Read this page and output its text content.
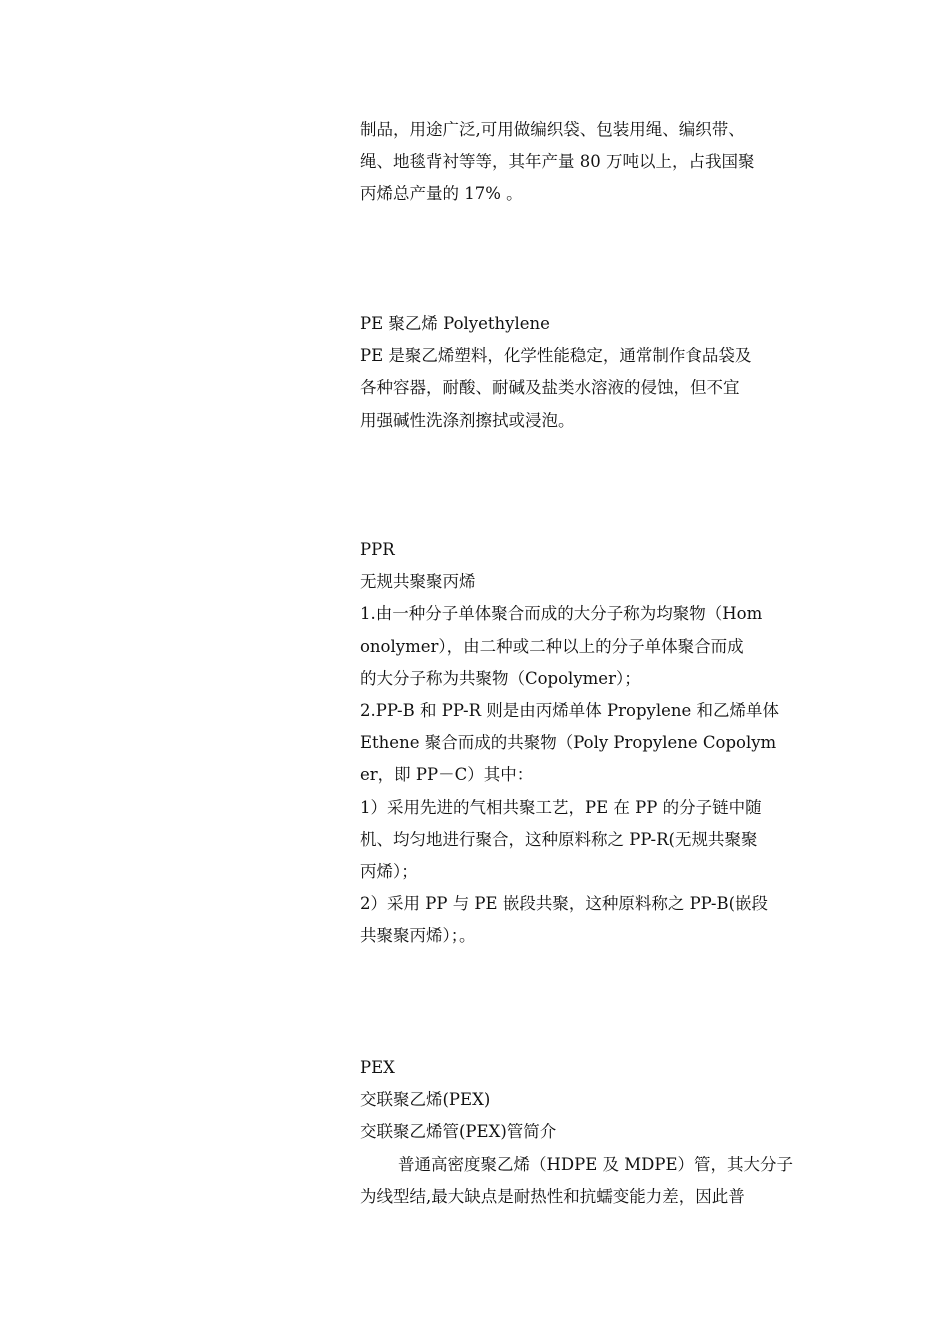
制品，用途广泛,可用做编织袋、包装用绳、编织带、
绳、地毯背衬等等，其年产量 80 万吨以上，占我国聚
丙烯总产量的 17% 。
PE 聚乙烯 Polyethylene
PE 是聚乙烯塑料，化学性能稳定，通常制作食品袋及
各种容器，耐酸、耐碱及盐类水溶液的侵蚀，但不宜
用强碱性洗涤剂擦拭或浸泡。
PPR
无规共聚聚丙烯
1.由一种分子单体聚合而成的大分子称为均聚物（Hom
onolymer），由二种或二种以上的分子单体聚合而成
的大分子称为共聚物（Copolymer）；
2.PP-B 和 PP-R 则是由丙烯单体 Propylene 和乙烯单体
Ethene 聚合而成的共聚物（Poly Propylene Copolym
er，即 PP－C）其中：
1）采用先进的气相共聚工艺，PE 在 PP 的分子链中随
机、均匀地进行聚合，这种原料称之 PP-R(无规共聚聚
丙烯）；
2）采用 PP 与 PE 嵌段共聚，这种原料称之 PP-B(嵌段
共聚聚丙烯）；。
PEX
交联聚乙烯(PEX)
交联聚乙烯管(PEX)管简介
普通高密度聚乙烯（HDPE 及 MDPE）管，其大分子
为线型结,最大缺点是耐热性和抗蠕变能力差，因此普
